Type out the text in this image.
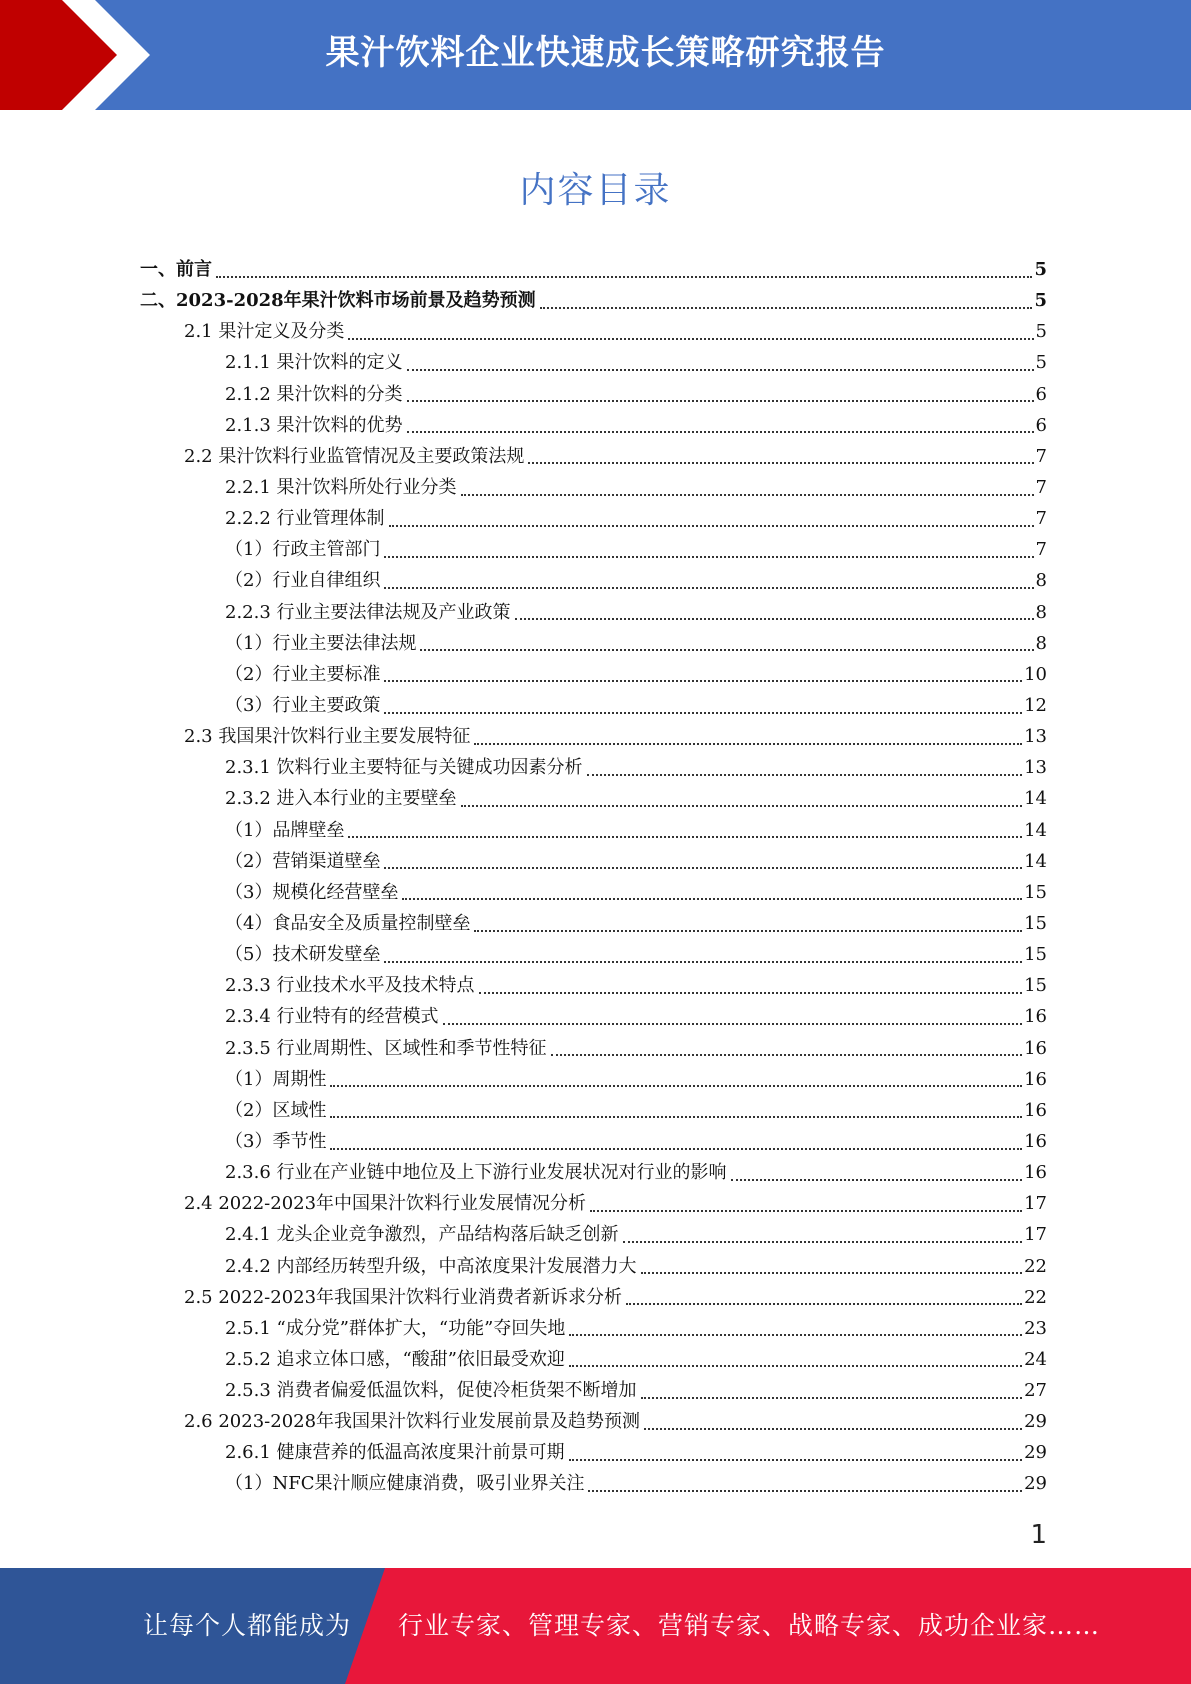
果汁饮料企业快速成长策略研究报告
内容目录
一、前言	5
二、2023-2028年果汁饮料市场前景及趋势预测	5
2.1 果汁定义及分类	5
2.1.1 果汁饮料的定义	5
2.1.2 果汁饮料的分类	6
2.1.3 果汁饮料的优势	6
2.2 果汁饮料行业监管情况及主要政策法规	7
2.2.1 果汁饮料所处行业分类	7
2.2.2 行业管理体制	7
（1）行政主管部门	7
（2）行业自律组织	8
2.2.3 行业主要法律法规及产业政策	8
（1）行业主要法律法规	8
（2）行业主要标准	10
（3）行业主要政策	12
2.3 我国果汁饮料行业主要发展特征	13
2.3.1 饮料行业主要特征与关键成功因素分析	13
2.3.2 进入本行业的主要壁垒	14
（1）品牌壁垒	14
（2）营销渠道壁垒	14
（3）规模化经营壁垒	15
（4）食品安全及质量控制壁垒	15
（5）技术研发壁垒	15
2.3.3 行业技术水平及技术特点	15
2.3.4 行业特有的经营模式	16
2.3.5 行业周期性、区域性和季节性特征	16
（1）周期性	16
（2）区域性	16
（3）季节性	16
2.3.6 行业在产业链中地位及上下游行业发展状况对行业的影响	16
2.4 2022-2023年中国果汁饮料行业发展情况分析	17
2.4.1 龙头企业竞争激烈，产品结构落后缺乏创新	17
2.4.2 内部经历转型升级，中高浓度果汁发展潜力大	22
2.5 2022-2023年我国果汁饮料行业消费者新诉求分析	22
2.5.1 “成分党”群体扩大，“功能”夺回失地	23
2.5.2 追求立体口感，“酸甜”依旧最受欢迎	24
2.5.3 消费者偏爱低温饮料，促使冷柜货架不断增加	27
2.6 2023-2028年我国果汁饮料行业发展前景及趋势预测	29
2.6.1 健康营养的低温高浓度果汁前景可期	29
（1）NFC果汁顺应健康消费，吸引业界关注	29
1
让每个人都能成为 行业专家、管理专家、营销专家、战略专家、成功企业家……
